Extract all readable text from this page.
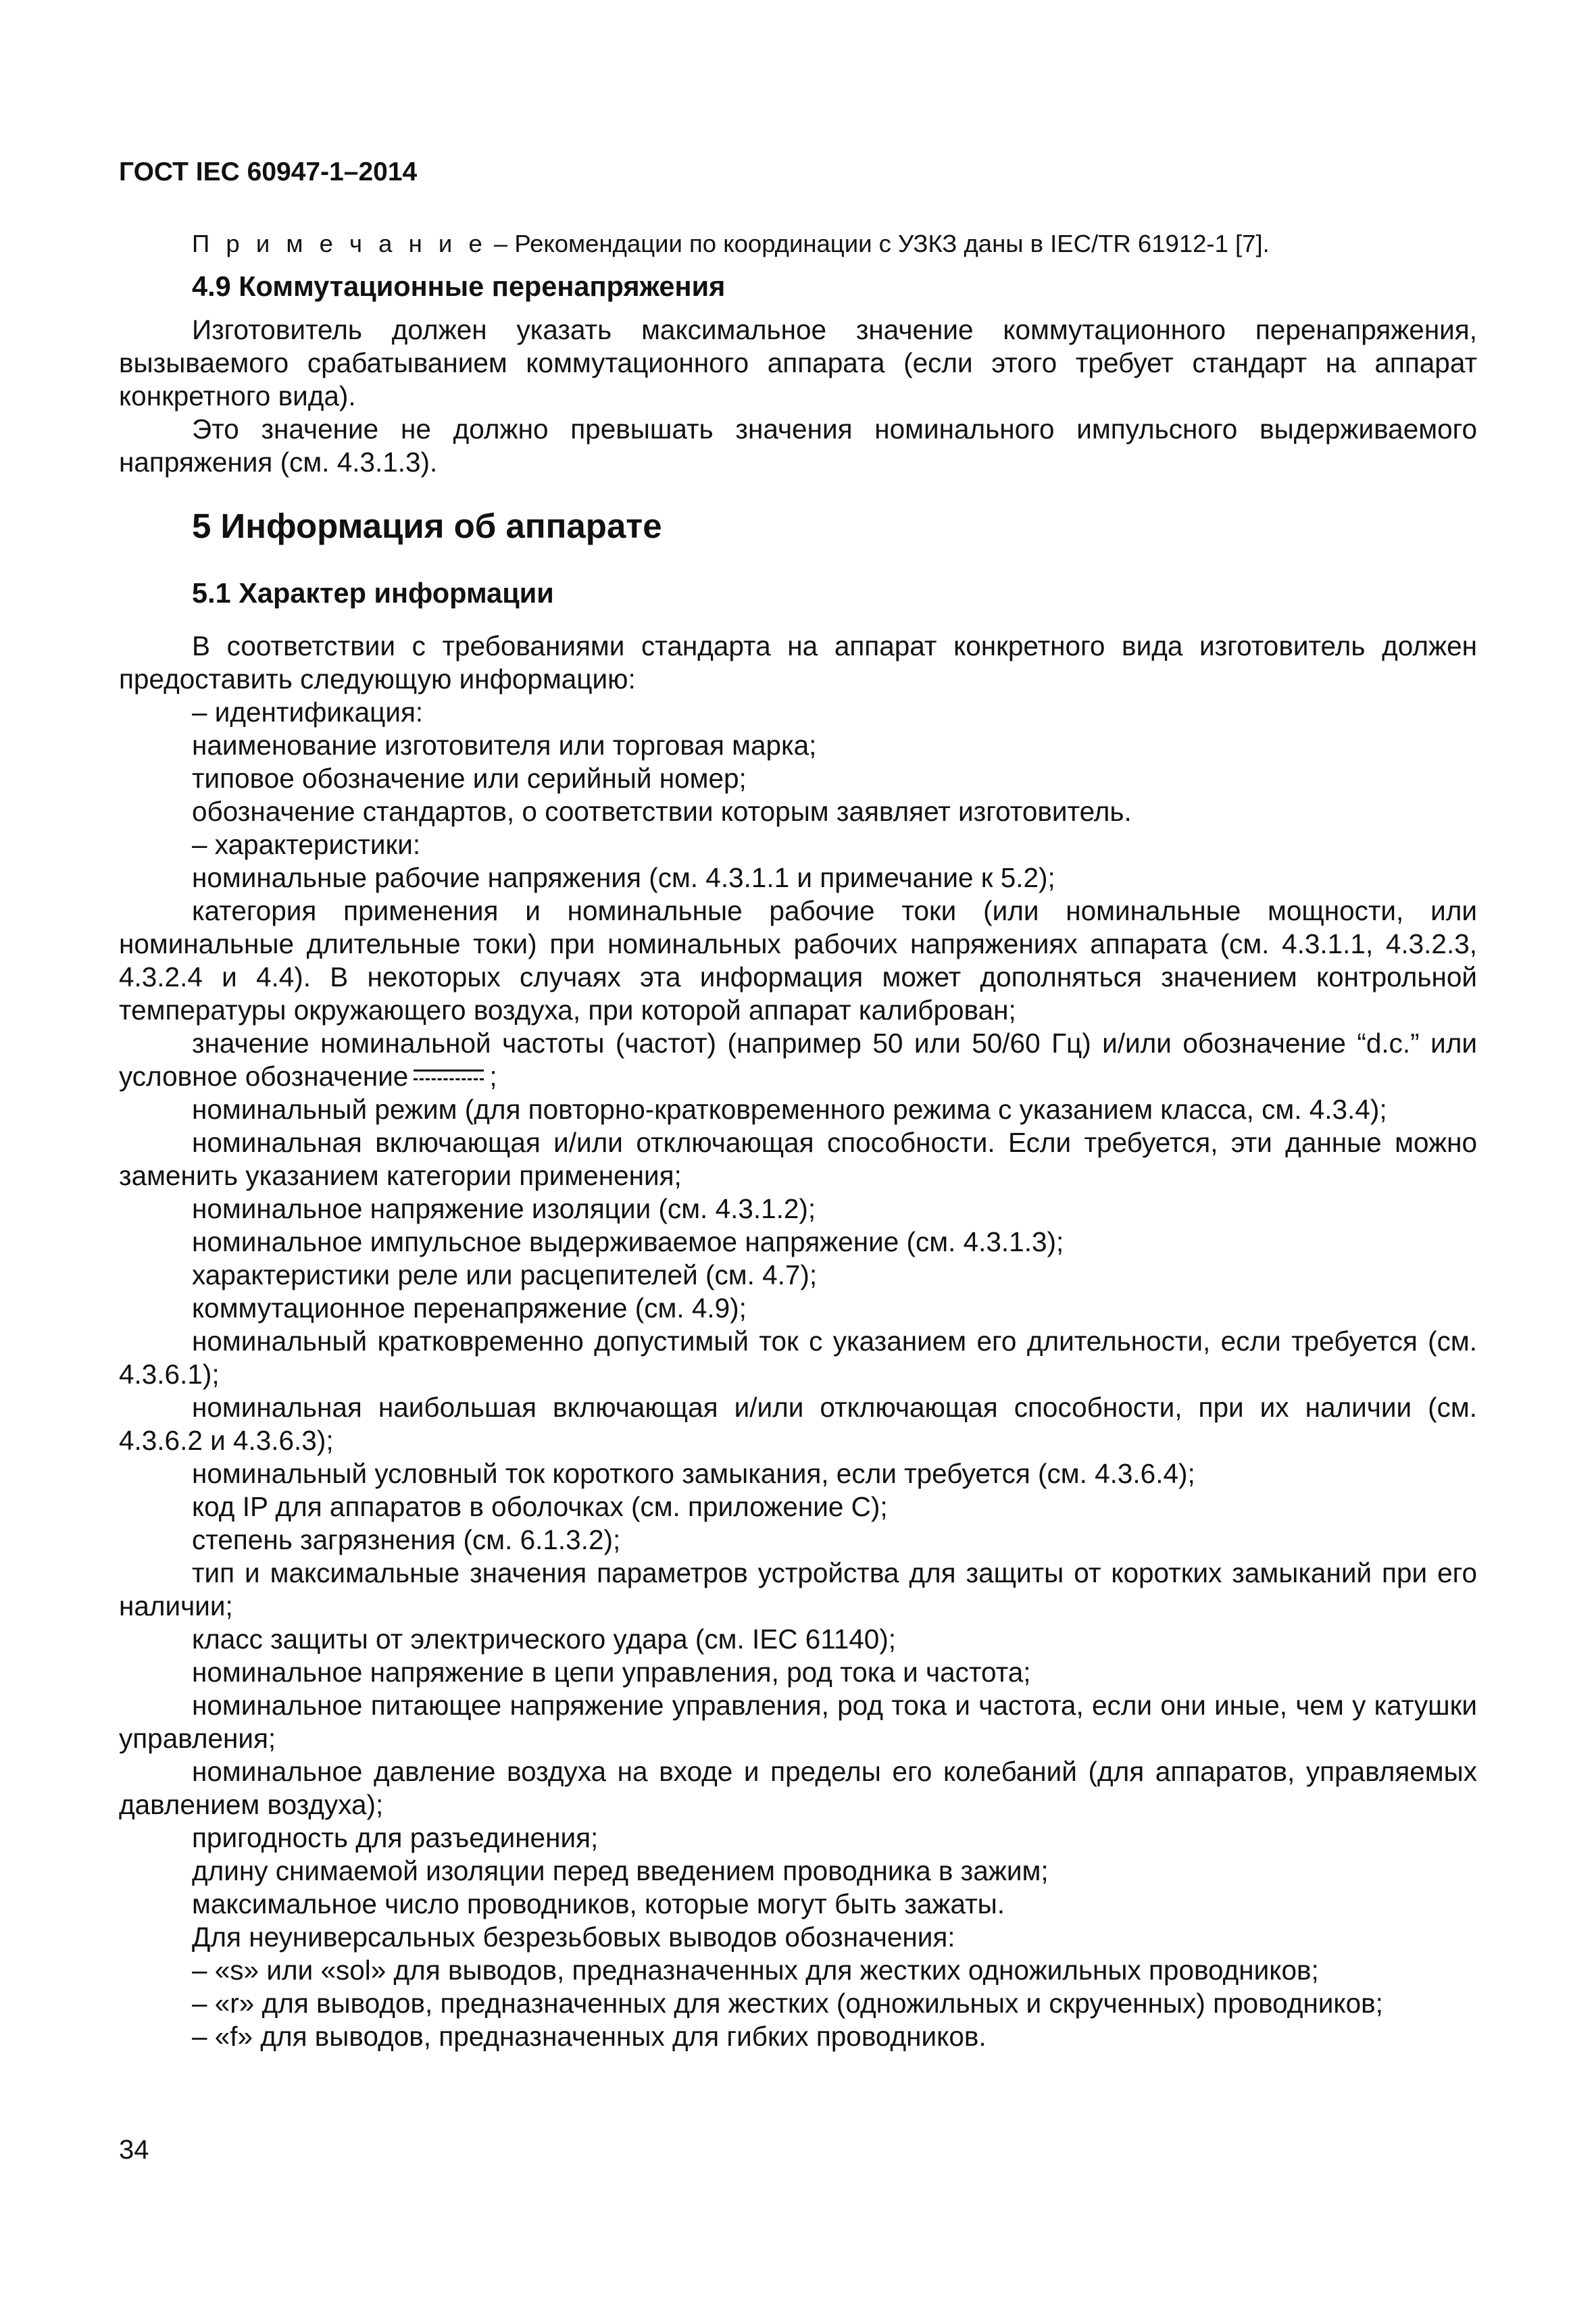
ГОСТ IEC 60947-1–2014

П р и м е ч а н и е – Рекомендации по координации с УЗКЗ даны в IEC/TR 61912-1 [7].

4.9 Коммутационные перенапряжения

Изготовитель должен указать максимальное значение коммутационного перенапряжения, вызываемого срабатыванием коммутационного аппарата (если этого требует стандарт на аппарат конкретного вида).

Это значение не должно превышать значения номинального импульсного выдерживаемого напряжения (см. 4.3.1.3).

5 Информация об аппарате
5.1 Характер информации

В соответствии с требованиями стандарта на аппарат конкретного вида изготовитель должен предоставить следующую информацию:

– идентификация:

наименование изготовителя или торговая марка;

типовое обозначение или серийный номер;

обозначение стандартов, о соответствии которым заявляет изготовитель.

– характеристики:

номинальные рабочие напряжения (см. 4.3.1.1 и примечание к 5.2);

категория применения и номинальные рабочие токи (или номинальные мощности, или номинальные длительные токи) при номинальных рабочих напряжениях аппарата (см. 4.3.1.1, 4.3.2.3, 4.3.2.4 и 4.4). В некоторых случаях эта информация может дополняться значением контрольной температуры окружающего воздуха, при которой аппарат калиброван;

значение номинальной частоты (частот) (например 50 или 50/60 Гц) и/или обозначение “d.c.” или условное обозначение	;

номинальный режим (для повторно-кратковременного режима с указанием класса, см. 4.3.4);

номинальная включающая и/или отключающая способности. Если требуется, эти данные можно заменить указанием категории применения;

номинальное напряжение изоляции (см. 4.3.1.2);

номинальное импульсное выдерживаемое напряжение (см. 4.3.1.3);

характеристики реле или расцепителей (см. 4.7);

коммутационное перенапряжение (см. 4.9);

номинальный кратковременно допустимый ток с указанием его длительности, если требуется (см. 4.3.6.1);

номинальная наибольшая включающая и/или отключающая способности, при их наличии (см. 4.3.6.2 и 4.3.6.3);

номинальный условный ток короткого замыкания, если требуется (см. 4.3.6.4);

код IP для аппаратов в оболочках (см. приложение С);

степень загрязнения (см. 6.1.3.2);

тип и максимальные значения параметров устройства для защиты от коротких замыканий при его наличии;

класс защиты от электрического удара (см. IEC 61140);

номинальное напряжение в цепи управления, род тока и частота;

номинальное питающее напряжение управления, род тока и частота, если они иные, чем у катушки управления;

номинальное давление воздуха на входе и пределы его колебаний (для аппаратов, управляемых давлением воздуха);

пригодность для разъединения;

длину снимаемой изоляции перед введением проводника в зажим;

максимальное число проводников, которые могут быть зажаты.

Для неуниверсальных безрезьбовых выводов обозначения:

– «s» или «sol» для выводов, предназначенных для жестких одножильных проводников;

– «r» для выводов, предназначенных для жестких (одножильных и скрученных) проводников;

– «f» для выводов, предназначенных для гибких проводников.

34
